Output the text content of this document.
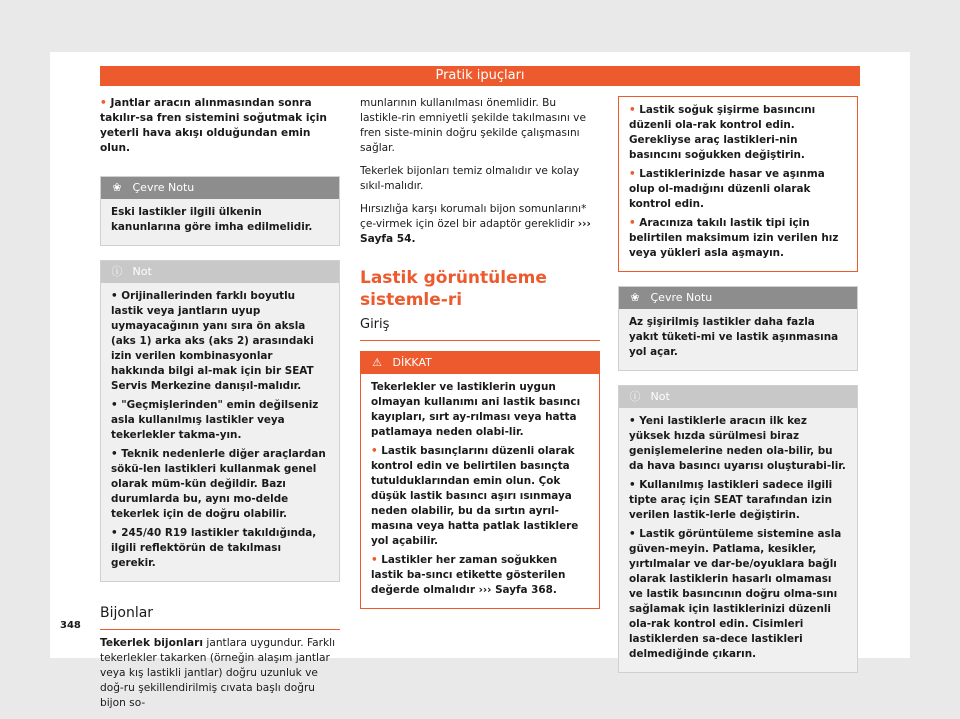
Pratik ipuçları

• Jantlar aracın alınmasından sonra takılır-sa fren sistemini soğutmak için yeterli hava akışı olduğundan emin olun.

❀ Çevre Notu

Eski lastikler ilgili ülkenin kanunlarına göre imha edilmelidir.

ⓘ Not

• Orijinallerinden farklı boyutlu lastik veya jantların uyup uymayacağının yanı sıra ön aksla (aks 1) arka aks (aks 2) arasındaki izin verilen kombinasyonlar hakkında bilgi al-mak için bir SEAT Servis Merkezine danışıl-malıdır.

• "Geçmişlerinden" emin değilseniz asla kullanılmış lastikler veya tekerlekler takma-yın.

• Teknik nedenlerle diğer araçlardan sökü-len lastikleri kullanmak genel olarak müm-kün değildir. Bazı durumlarda bu, aynı mo-delde tekerlek için de doğru olabilir.

• 245/40 R19 lastikler takıldığında, ilgili reflektörün de takılması gerekir.

Bijonlar

Tekerlek bijonları jantlara uygundur. Farklı tekerlekler takarken (örneğin alaşım jantlar veya kış lastikli jantlar) doğru uzunluk ve doğ-ru şekillendirilmiş cıvata başlı doğru bijon so-

munlarının kullanılması önemlidir. Bu lastikle-rin emniyetli şekilde takılmasını ve fren siste-minin doğru şekilde çalışmasını sağlar.

Tekerlek bijonları temiz olmalıdır ve kolay sıkıl-malıdır.

Hırsızlığa karşı korumalı bijon somunlarını* çe-virmek için özel bir adaptör gereklidir ››› Sayfa 54.

Lastik görüntüleme sistemle-ri
Giriş
⚠ DİKKAT

Tekerlekler ve lastiklerin uygun olmayan kullanımı ani lastik basıncı kayıpları, sırt ay-rılması veya hatta patlamaya neden olabi-lir.

• Lastik basınçlarını düzenli olarak kontrol edin ve belirtilen basınçta tutulduklarından emin olun. Çok düşük lastik basıncı aşırı ısınmaya neden olabilir, bu da sırtın ayrıl-masına veya hatta patlak lastiklere yol açabilir.

• Lastikler her zaman soğukken lastik ba-sıncı etikette gösterilen değerde olmalıdır ››› Sayfa 368.

• Lastik soğuk şişirme basıncını düzenli ola-rak kontrol edin. Gerekliyse araç lastikleri-nin basıncını soğukken değiştirin.

• Lastiklerinizde hasar ve aşınma olup ol-madığını düzenli olarak kontrol edin.

• Aracınıza takılı lastik tipi için belirtilen maksimum izin verilen hız veya yükleri asla aşmayın.

❀ Çevre Notu

Az şişirilmiş lastikler daha fazla yakıt tüketi-mi ve lastik aşınmasına yol açar.

ⓘ Not

• Yeni lastiklerle aracın ilk kez yüksek hızda sürülmesi biraz genişlemelerine neden ola-bilir, bu da hava basıncı uyarısı oluşturabi-lir.

• Kullanılmış lastikleri sadece ilgili tipte araç için SEAT tarafından izin verilen lastik-lerle değiştirin.

• Lastik görüntüleme sistemine asla güven-meyin. Patlama, kesikler, yırtılmalar ve dar-be/oyuklara bağlı olarak lastiklerin hasarlı olmaması ve lastik basıncının doğru olma-sını sağlamak için lastiklerinizi düzenli ola-rak kontrol edin. Cisimleri lastiklerden sa-dece lastikleri delmediğinde çıkarın.

348
